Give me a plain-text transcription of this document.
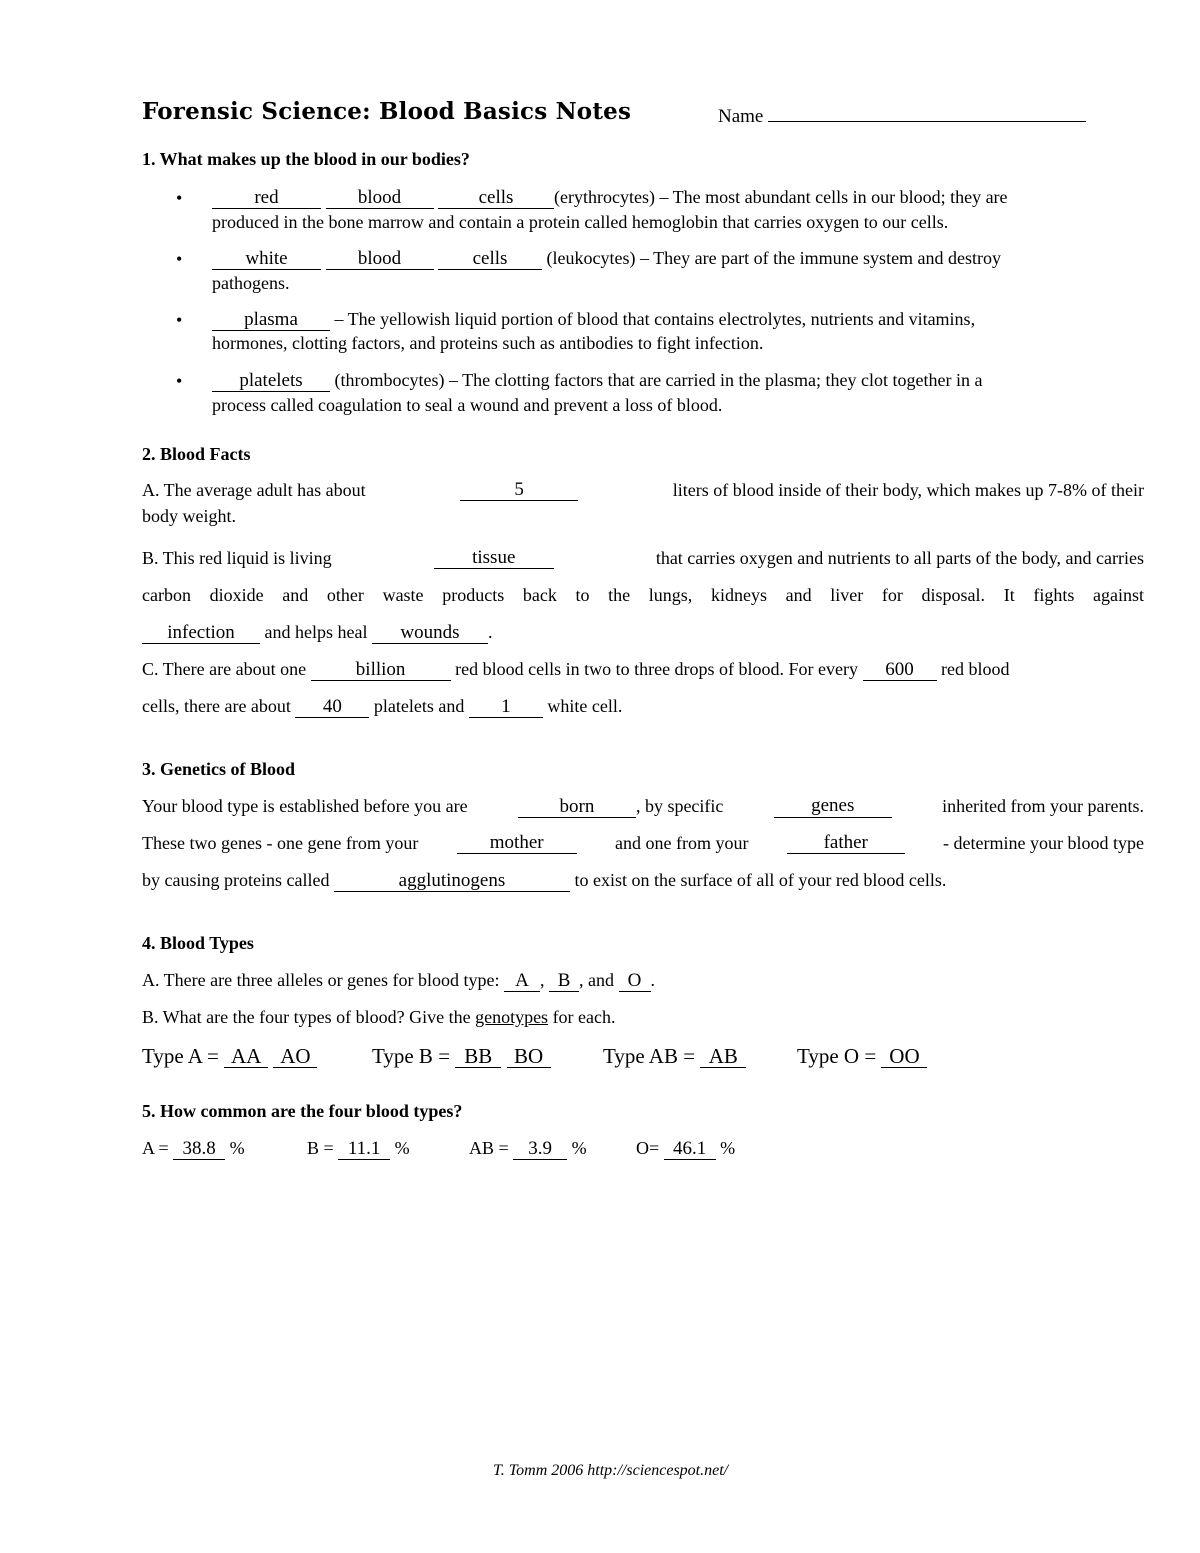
Forensic Science: Blood Basics Notes	Name
1. What makes up the blood in our bodies?
•	red	blood	cells (erythrocytes) – The most abundant cells in our blood; they are
produced in the bone marrow and contain a protein called hemoglobin that carries oxygen to our cells.
•	white	blood	cells (leukocytes) – They are part of the immune system and destroy
pathogens.
•	plasma – The yellowish liquid portion of blood that contains electrolytes, nutrients and vitamins,
hormones, clotting factors, and proteins such as antibodies to fight infection.
•	platelets (thrombocytes) – The clotting factors that are carried in the plasma; they clot together in a
process called coagulation to seal a wound and prevent a loss of blood.
2. Blood Facts
A. The average adult has about	5	liters of blood inside of their body, which makes up 7-8% of their
body weight.
B. This red liquid is living	tissue	that carries oxygen and nutrients to all parts of the body, and carries
carbon dioxide and other waste products back to the lungs, kidneys and liver for disposal. It fights against
infection and helps heal wounds .
C. There are about one	billion	red blood cells in two to three drops of blood. For every 600 red blood
cells, there are about 40 platelets and 1 white cell.
3. Genetics of Blood
Your blood type is established before you are	born , by specific	genes	inherited from your parents.
These two genes - one gene from your	mother	and one from your	father	- determine your blood type
by causing proteins called	agglutinogens	to exist on the surface of all of your red blood cells.
4. Blood Types
A. There are three alleles or genes for blood type: A , B , and O .
B. What are the four types of blood? Give the genotypes for each.
Type A = AA AO	Type B = BB BO	Type AB = AB	Type O = OO
5. How common are the four blood types?
A = 38.8 %	B = 11.1 %	AB = 3.9 %	O= 46.1 %
T. Tomm 2006 http://sciencespot.net/
